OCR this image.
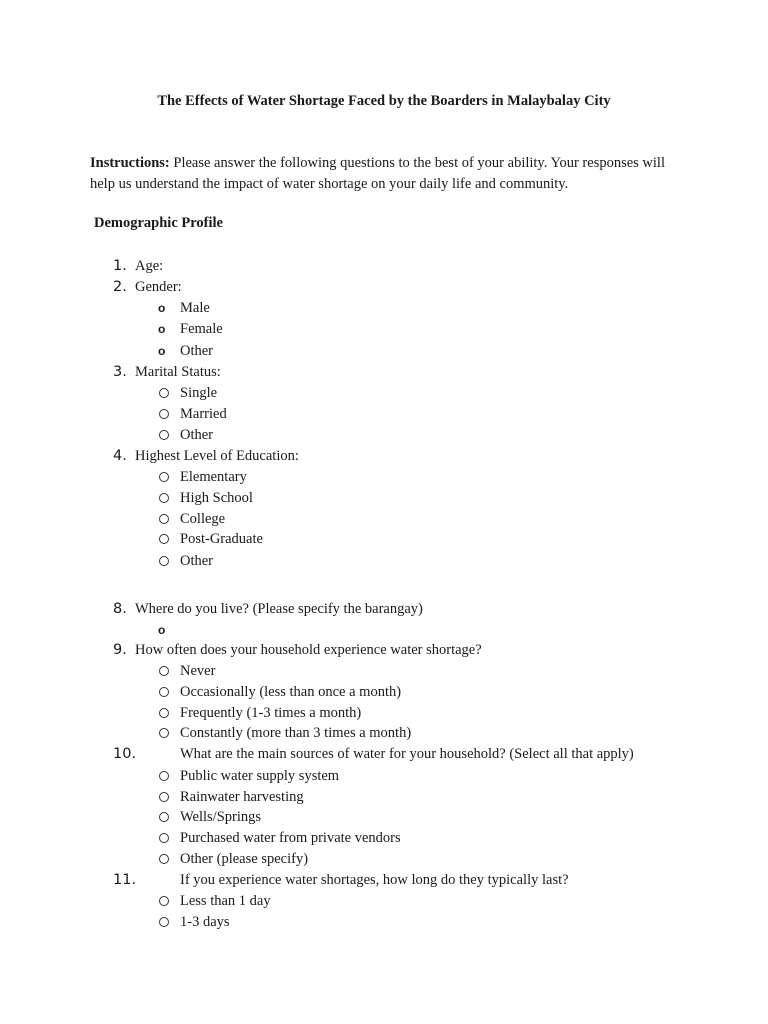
The Effects of Water Shortage Faced by the Boarders in Malaybalay City
Instructions: Please answer the following questions to the best of your ability. Your responses will help us understand the impact of water shortage on your daily life and community.
Demographic Profile
1. Age:
2. Gender:
o Male
o Female
o Other
3. Marital Status:
Single
Married
Other
4. Highest Level of Education:
Elementary
High School
College
Post-Graduate
Other
8. Where do you live? (Please specify the barangay)
o
9. How often does your household experience water shortage?
Never
Occasionally (less than once a month)
Frequently (1-3 times a month)
Constantly (more than 3 times a month)
10.	What are the main sources of water for your household? (Select all that apply)
Public water supply system
Rainwater harvesting
Wells/Springs
Purchased water from private vendors
Other (please specify)
11.	If you experience water shortages, how long do they typically last?
Less than 1 day
1-3 days
